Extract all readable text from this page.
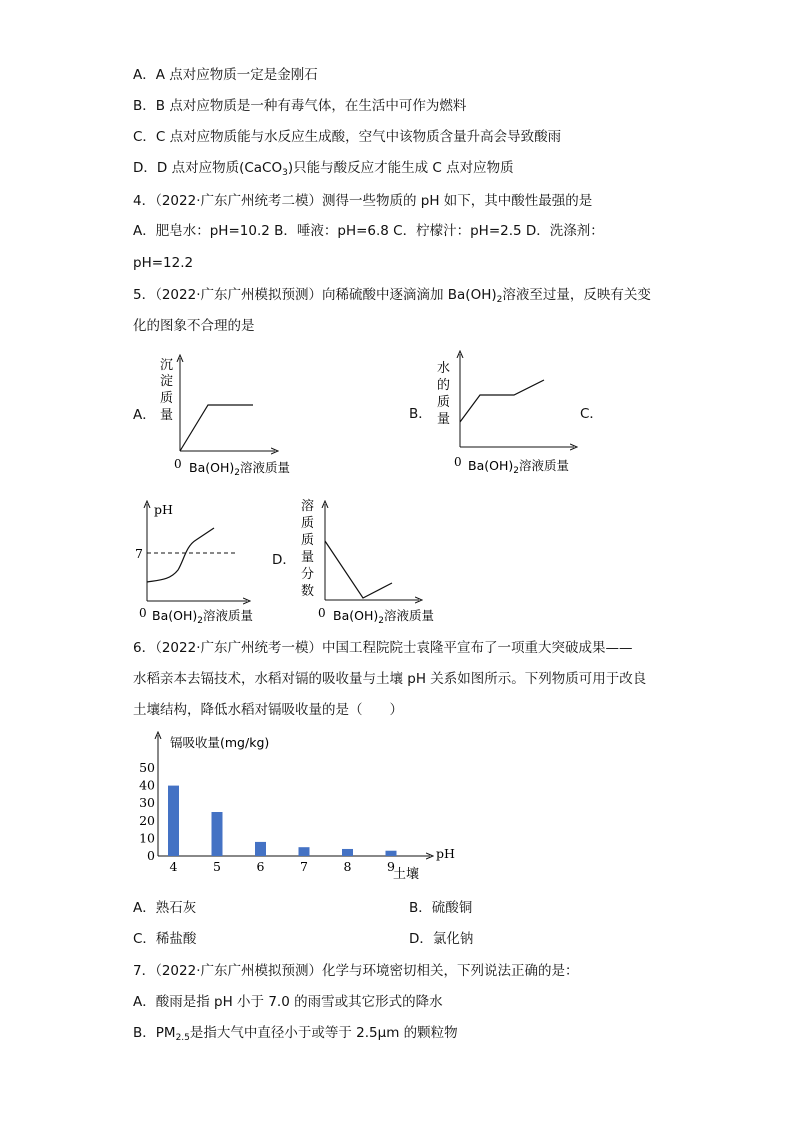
A．A 点对应物质一定是金刚石
B．B 点对应物质是一种有毒气体，在生活中可作为燃料
C．C 点对应物质能与水反应生成酸，空气中该物质含量升高会导致酸雨
D．D 点对应物质(CaCO$_3$)只能与酸反应才能生成 C 点对应物质
4．（2022·广东广州统考二模）测得一些物质的 pH 如下，其中酸性最强的是
A．肥皂水：pH=10.2 B．唾液：pH=6.8 C．柠檬汁：pH=2.5 D．洗涤剂：
pH=12.2
5．（2022·广东广州模拟预测）向稀硫酸中逐滴滴加 $Ba(OH)_2$溶液至过量，反映有关变
化的图象不合理的是
A．	B．	C．
D．
沉
淀
质
量
0 $Ba(OH)_2$溶液质量
水
的
质
量
0 $Ba(OH)_2$溶液质量
pH
7
0 $Ba(OH)_2$溶液质量
溶
质
质
量
分
数
0 $Ba(OH)_2$溶液质量
6．（2022·广东广州统考一模）中国工程院院士袁隆平宣布了一项重大突破成果——
水稻亲本去镉技术，水稻对镉的吸收量与土壤 pH 关系如图所示。下列物质可用于改良
土壤结构，降低水稻对镉吸收量的是（　　）
镉吸收量(mg/kg)
pH
土壤
0
10
20
30
40
50
4	5	6	7	8	9
A．熟石灰	B．硫酸铜
C．稀盐酸	D．氯化钠
7．（2022·广东广州模拟预测）化学与环境密切相关，下列说法正确的是：
A．酸雨是指 pH 小于 7.0 的雨雪或其它形式的降水
B．$PM_{2.5}$是指大气中直径小于或等于 2.5μm 的颗粒物
